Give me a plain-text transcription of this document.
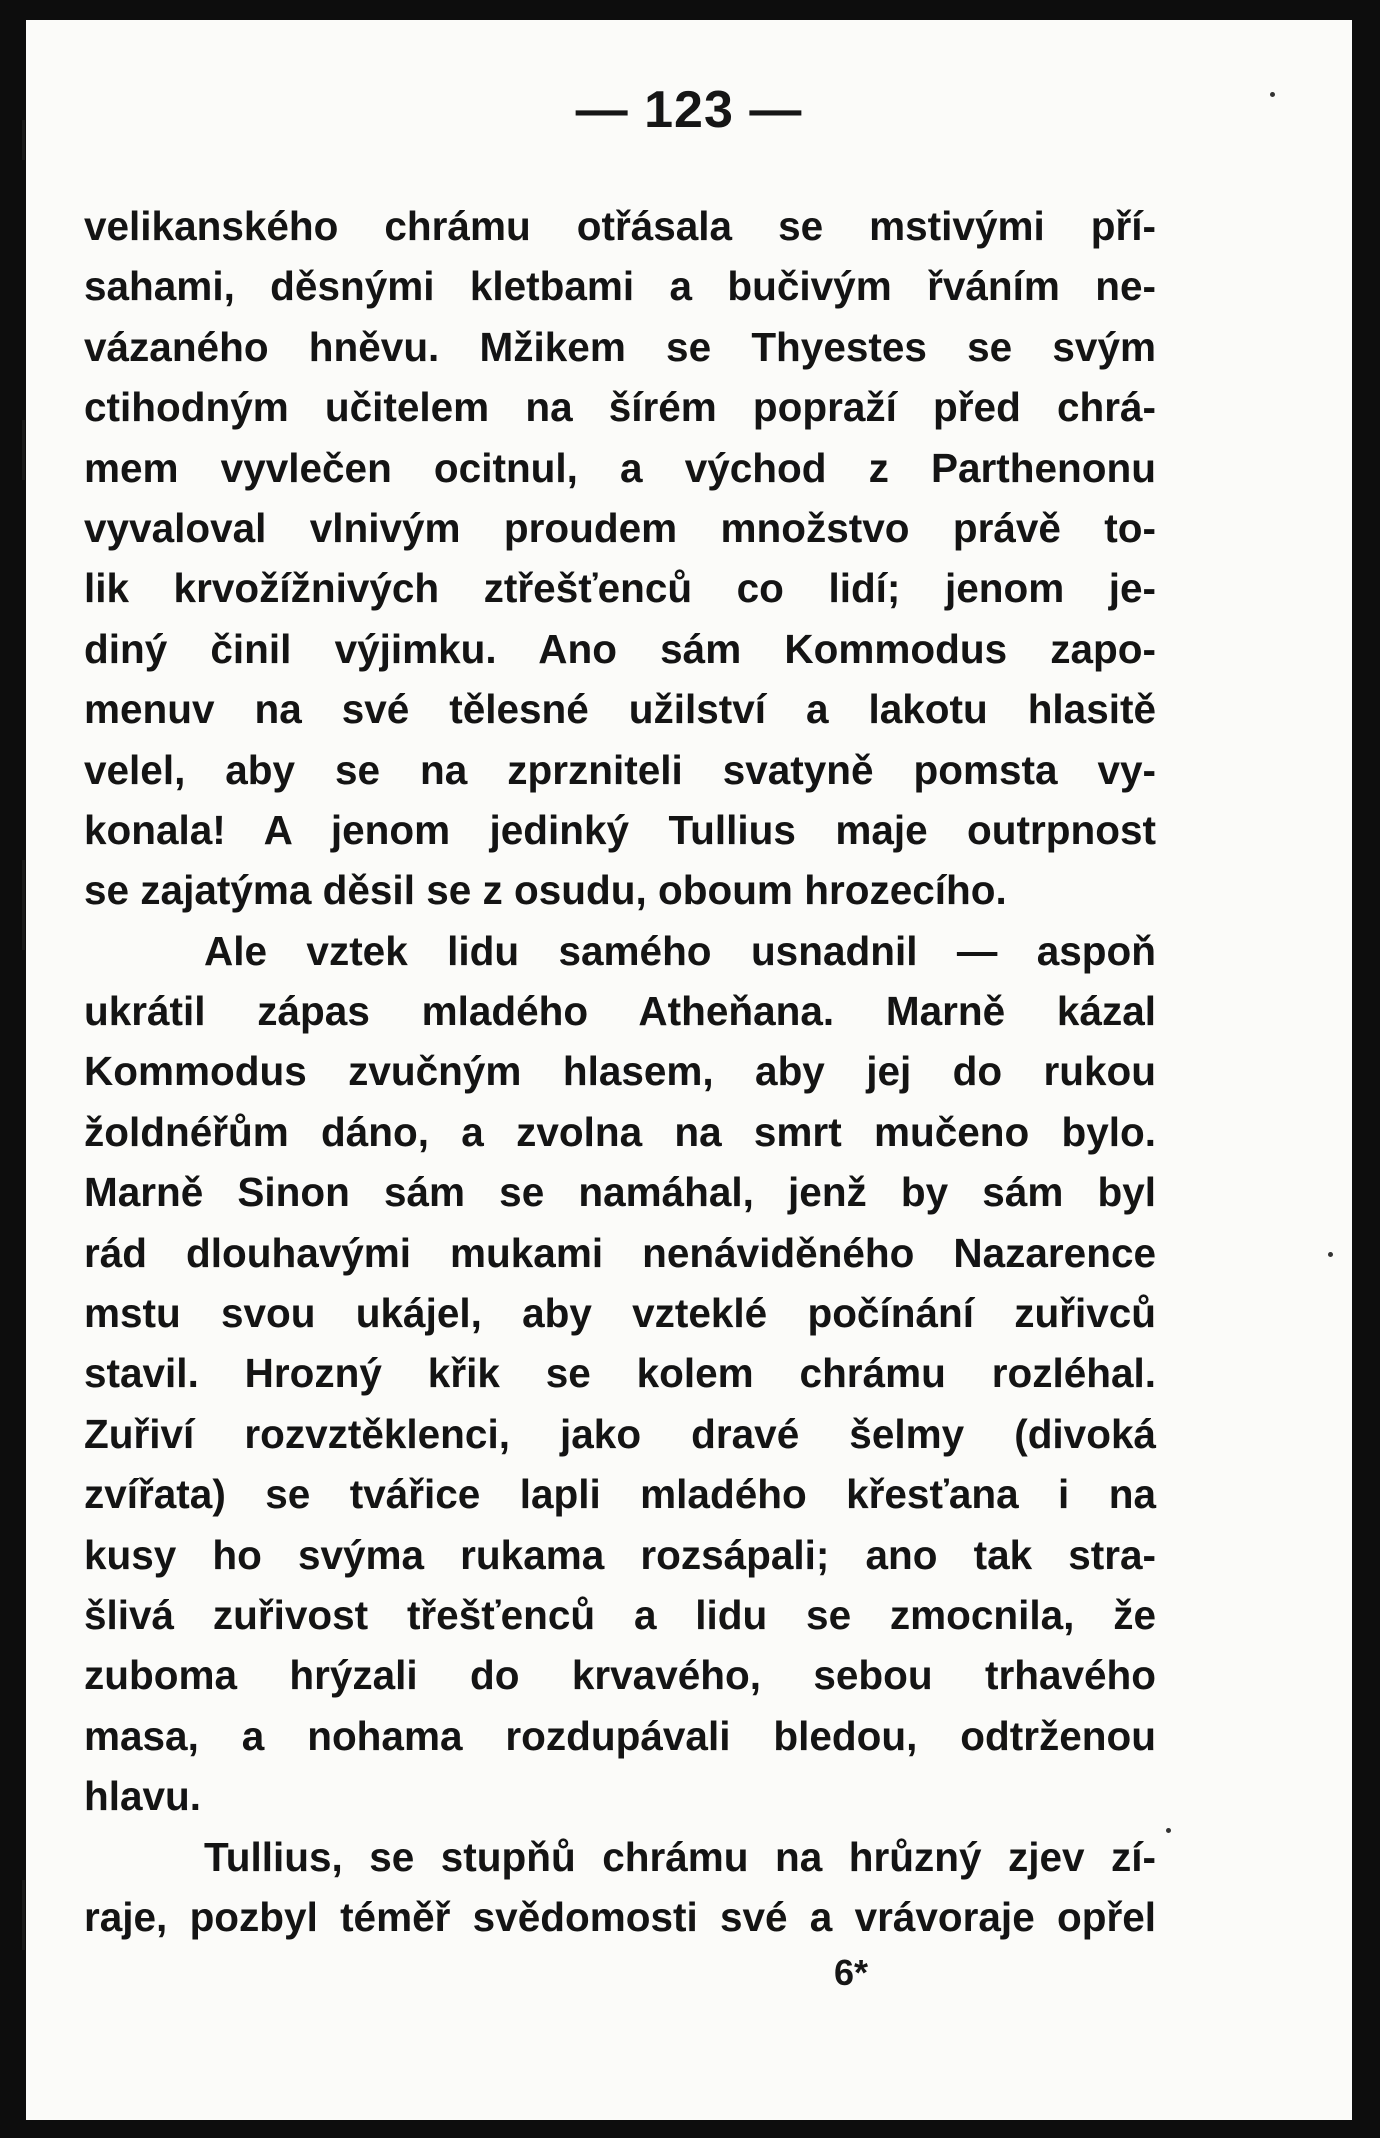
— 123 —
velikanského chrámu otřásala se mstivými pří-
sahami, děsnými kletbami a bučivým řváním ne-
vázaného hněvu. Mžikem se Thyestes se svým
ctihodným učitelem na šírém popraží před chrá-
mem vyvlečen ocitnul, a východ z Parthenonu
vyvaloval vlnivým proudem množstvo právě to-
lik krvožížnivých ztřešťenců co lidí; jenom je-
diný činil výjimku. Ano sám Kommodus zapo-
menuv na své tělesné užilství a lakotu hlasitě
velel, aby se na zprzniteli svatyně pomsta vy-
konala! A jenom jedinký Tullius maje outrpnost
se zajatýma děsil se z osudu, oboum hrozecího.
Ale vztek lidu samého usnadnil — aspoň
ukrátil zápas mladého Atheňana. Marně kázal
Kommodus zvučným hlasem, aby jej do rukou
žoldnéřům dáno, a zvolna na smrt mučeno bylo.
Marně Sinon sám se namáhal, jenž by sám byl
rád dlouhavými mukami nenáviděného Nazarence
mstu svou ukájel, aby vzteklé počínání zuřivců
stavil. Hrozný křik se kolem chrámu rozléhal.
Zuřiví rozvztěklenci, jako dravé šelmy (divoká
zvířata) se tvářice lapli mladého křesťana i na
kusy ho svýma rukama rozsápali; ano tak stra-
šlivá zuřivost třešťenců a lidu se zmocnila, že
zuboma hrýzali do krvavého, sebou trhavého
masa, a nohama rozdupávali bledou, odtrženou
hlavu.
Tullius, se stupňů chrámu na hrůzný zjev zí-
raje, pozbyl téměř svědomosti své a vrávoraje opřel
6*
